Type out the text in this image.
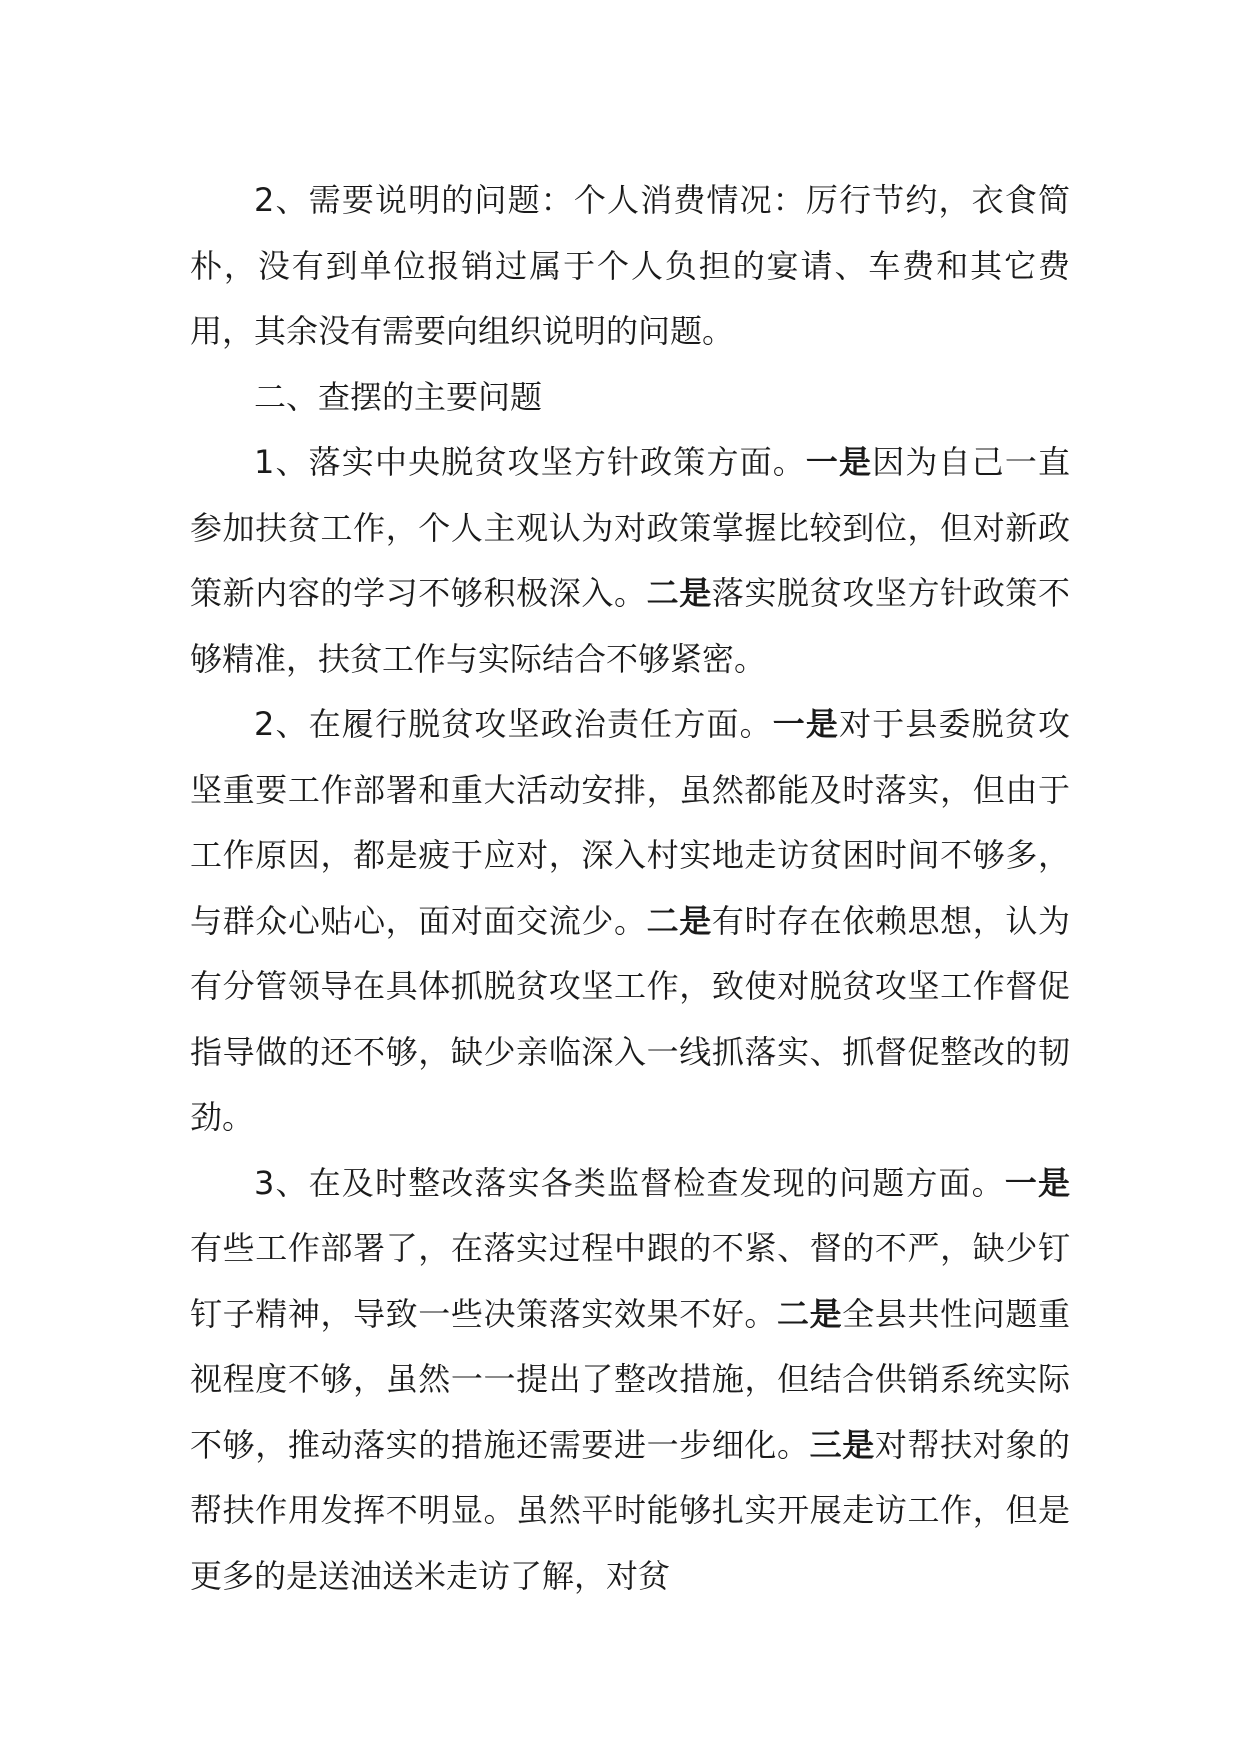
2、需要说明的问题：个人消费情况：厉行节约，衣食简朴，没有到单位报销过属于个人负担的宴请、车费和其它费用，其余没有需要向组织说明的问题。

二、查摆的主要问题

1、落实中央脱贫攻坚方针政策方面。一是因为自己一直参加扶贫工作，个人主观认为对政策掌握比较到位，但对新政策新内容的学习不够积极深入。二是落实脱贫攻坚方针政策不够精准，扶贫工作与实际结合不够紧密。

2、在履行脱贫攻坚政治责任方面。一是对于县委脱贫攻坚重要工作部署和重大活动安排，虽然都能及时落实，但由于工作原因，都是疲于应对，深入村实地走访贫困时间不够多，与群众心贴心，面对面交流少。二是有时存在依赖思想，认为有分管领导在具体抓脱贫攻坚工作，致使对脱贫攻坚工作督促指导做的还不够，缺少亲临深入一线抓落实、抓督促整改的韧劲。

3、在及时整改落实各类监督检查发现的问题方面。一是有些工作部署了，在落实过程中跟的不紧、督的不严，缺少钉钉子精神，导致一些决策落实效果不好。二是全县共性问题重视程度不够，虽然一一提出了整改措施，但结合供销系统实际不够，推动落实的措施还需要进一步细化。三是对帮扶对象的帮扶作用发挥不明显。虽然平时能够扎实开展走访工作，但是更多的是送油送米走访了解，对贫
